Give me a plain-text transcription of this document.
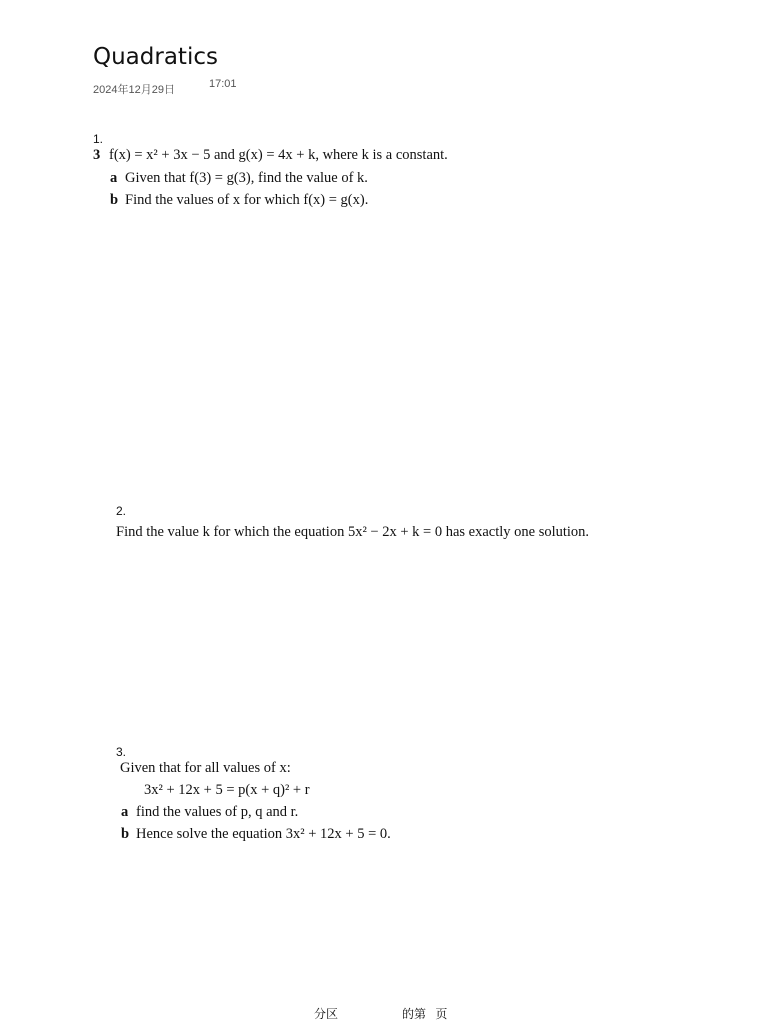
Quadratics
2024年12月29日	17:01
1.
3 f(x) = x² + 3x − 5 and g(x) = 4x + k, where k is a constant.
a Given that f(3) = g(3), find the value of k.
b Find the values of x for which f(x) = g(x).
2.
Find the value k for which the equation 5x² − 2x + k = 0 has exactly one solution.
3.
Given that for all values of x:
3x² + 12x + 5 = p(x + q)² + r
a find the values of p, q and r.
b Hence solve the equation 3x² + 12x + 5 = 0.
分区	的第 页
